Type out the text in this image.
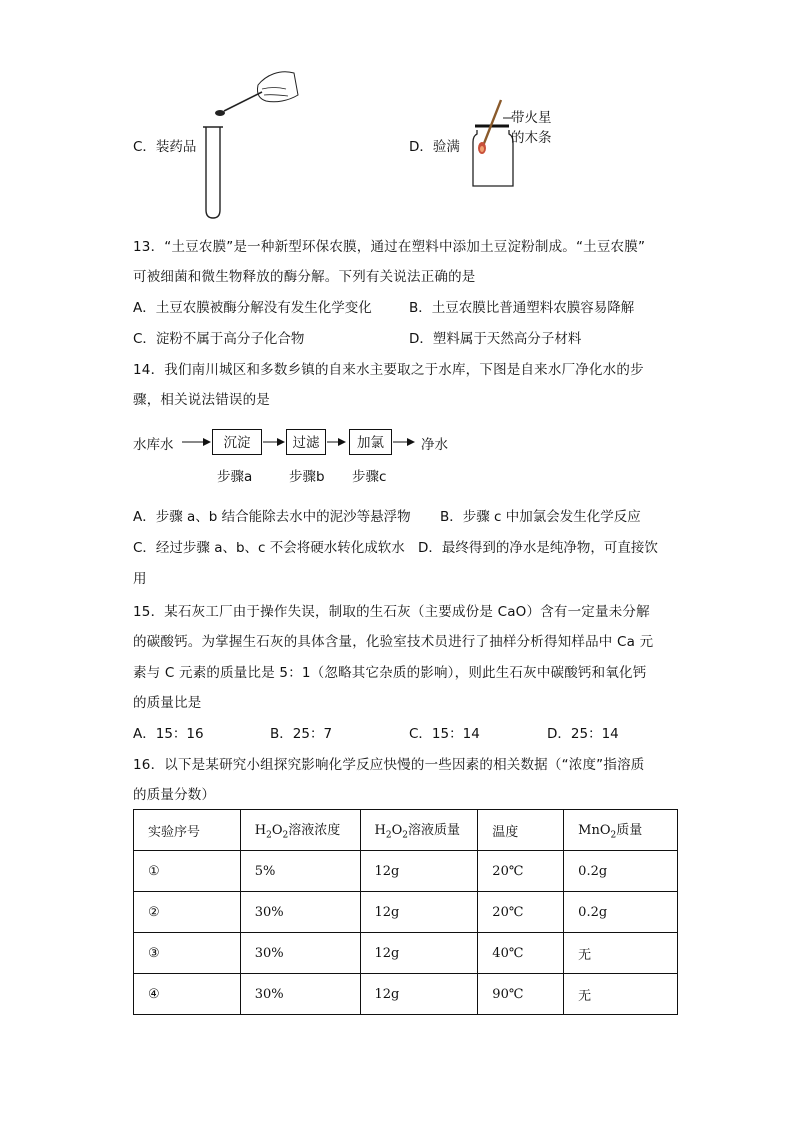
C．装药品	D．验满
带火星
的木条
13．“土豆农膜”是一种新型环保农膜，通过在塑料中添加土豆淀粉制成。“土豆农膜”
可被细菌和微生物释放的酶分解。下列有关说法正确的是
A．土豆农膜被酶分解没有发生化学变化	B．土豆农膜比普通塑料农膜容易降解
C．淀粉不属于高分子化合物	D．塑料属于天然高分子材料
14．我们南川城区和多数乡镇的自来水主要取之于水库，下图是自来水厂净化水的步
骤，相关说法错误的是
水库水	沉淀	过滤	加氯	净水
步骤a	步骤b 步骤c
A．步骤 a、b 结合能除去水中的泥沙等悬浮物 B．步骤 c 中加氯会发生化学反应
C．经过步骤 a、b、c 不会将硬水转化成软水 D．最终得到的净水是纯净物，可直接饮
用
15．某石灰工厂由于操作失误，制取的生石灰（主要成份是 CaO）含有一定量未分解
的碳酸钙。为掌握生石灰的具体含量，化验室技术员进行了抽样分析得知样品中 Ca 元
素与 C 元素的质量比是 5：1（忽略其它杂质的影响），则此生石灰中碳酸钙和氧化钙
的质量比是
A．15：16	B．25：7	C．15：14	D．25：14
16．以下是某研究小组探究影响化学反应快慢的一些因素的相关数据（“浓度”指溶质
的质量分数）
实验序号	$H_2O_2$溶液浓度	$H_2O_2$溶液质量	温度	MnO$_2$质量
①	5%	12g	20℃	0.2g
②	30%	12g	20℃	0.2g
③	30%	12g	40℃	无
④	30%	12g	90℃	无
